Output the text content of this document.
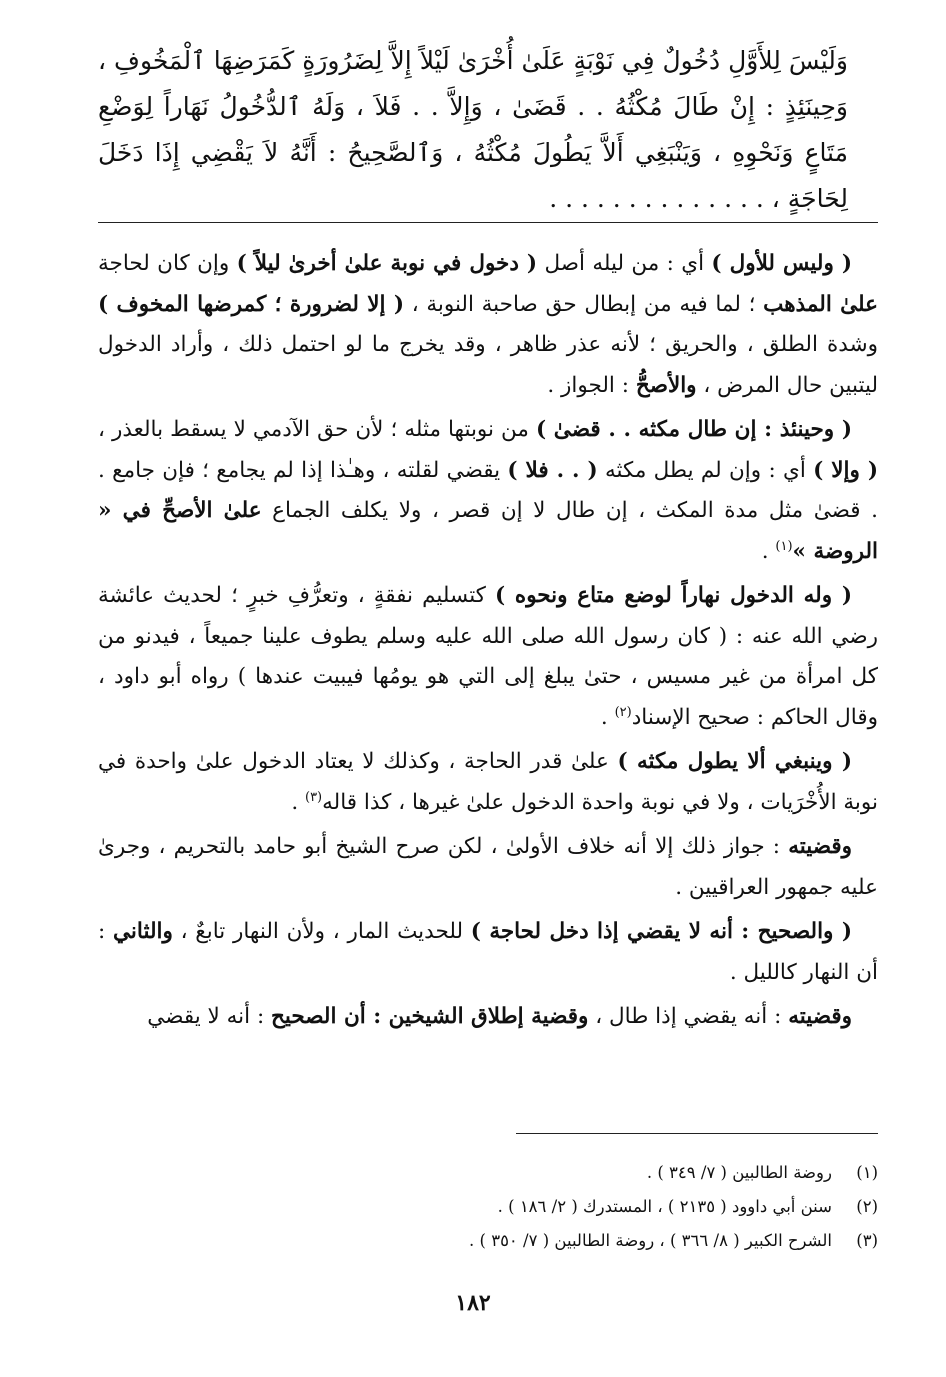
وَلَيْسَ لِلأَوَّلِ دُخُولٌ فِي نَوْبَةٍ عَلَىٰ أُخْرَىٰ لَيْلاً إِلاَّ لِضَرُورَةٍ كَمَرَضِهَا ٱلْمَخُوفِ ، وَحِينَئِذٍ : إِنْ طَالَ مُكْثُهُ . . قَضَىٰ ، وَإِلاَّ . . فَلاَ ، وَلَهُ ٱلدُّخُولُ نَهَاراً لِوَضْعِ مَتَاعٍ وَنَحْوِهِ ، وَيَنْبَغِي أَلاَّ يَطُولَ مُكْثُهُ ، وَٱلصَّحِيحُ : أَنَّهُ لاَ يَقْضِي إِذَا دَخَلَ لِحَاجَةٍ ، . . . . . . . . . . . . . .

( وليس للأول ) أي : من ليله أصل ( دخول في نوبة علىٰ أخرىٰ ليلاً ) وإن كان لحاجة علىٰ المذهب ؛ لما فيه من إبطال حق صاحبة النوبة ، ( إلا لضرورة ؛ كمرضها المخوف ) وشدة الطلق ، والحريق ؛ لأنه عذر ظاهر ، وقد يخرج ما لو احتمل ذلك ، وأراد الدخول ليتبين حال المرض ، والأصحُّ : الجواز .

( وحينئذ : إن طال مكثه . . قضىٰ ) من نوبتها مثله ؛ لأن حق الآدمي لا يسقط بالعذر ، ( وإلا ) أي : وإن لم يطل مكثه ( . . فلا ) يقضي لقلته ، وهـٰذا إذا لم يجامع ؛ فإن جامع . . قضىٰ مثل مدة المكث ، إن طال لا إن قصر ، ولا يكلف الجماع علىٰ الأصحِّ في « الروضة »$^{(١)}$ .

( وله الدخول نهاراً لوضع متاع ونحوه ) كتسليم نفقةٍ ، وتعرُّفِ خبرٍ ؛ لحديث عائشة رضي الله عنه : ( كان رسول الله صلى الله عليه وسلم يطوف علينا جميعاً ، فيدنو من كل امرأة من غير مسيس ، حتىٰ يبلغ إلى التي هو يومُها فيبيت عندها ) رواه أبو داود ، وقال الحاكم : صحيح الإسناد$^{(٢)}$ .

( وينبغي ألا يطول مكثه ) علىٰ قدر الحاجة ، وكذلك لا يعتاد الدخول علىٰ واحدة في نوبة الأُخْرَيات ، ولا في نوبة واحدة الدخول علىٰ غيرها ، كذا قاله$^{(٣)}$ .

وقضيته : جواز ذلك إلا أنه خلاف الأولىٰ ، لكن صرح الشيخ أبو حامد بالتحريم ، وجرىٰ عليه جمهور العراقيين .

( والصحيح : أنه لا يقضي إذا دخل لحاجة ) للحديث المار ، ولأن النهار تابعٌ ، والثاني : أن النهار كالليل .

وقضيته : أنه يقضي إذا طال ، وقضية إطلاق الشيخين : أن الصحيح : أنه لا يقضي

(١)
روضة الطالبين ( ٧/ ٣٤٩ ) .
(٢)
سنن أبي داوود ( ٢١٣٥ ) ، المستدرك ( ٢/ ١٨٦ ) .
(٣)
الشرح الكبير ( ٨/ ٣٦٦ ) ، روضة الطالبين ( ٧/ ٣٥٠ ) .
١٨٢
